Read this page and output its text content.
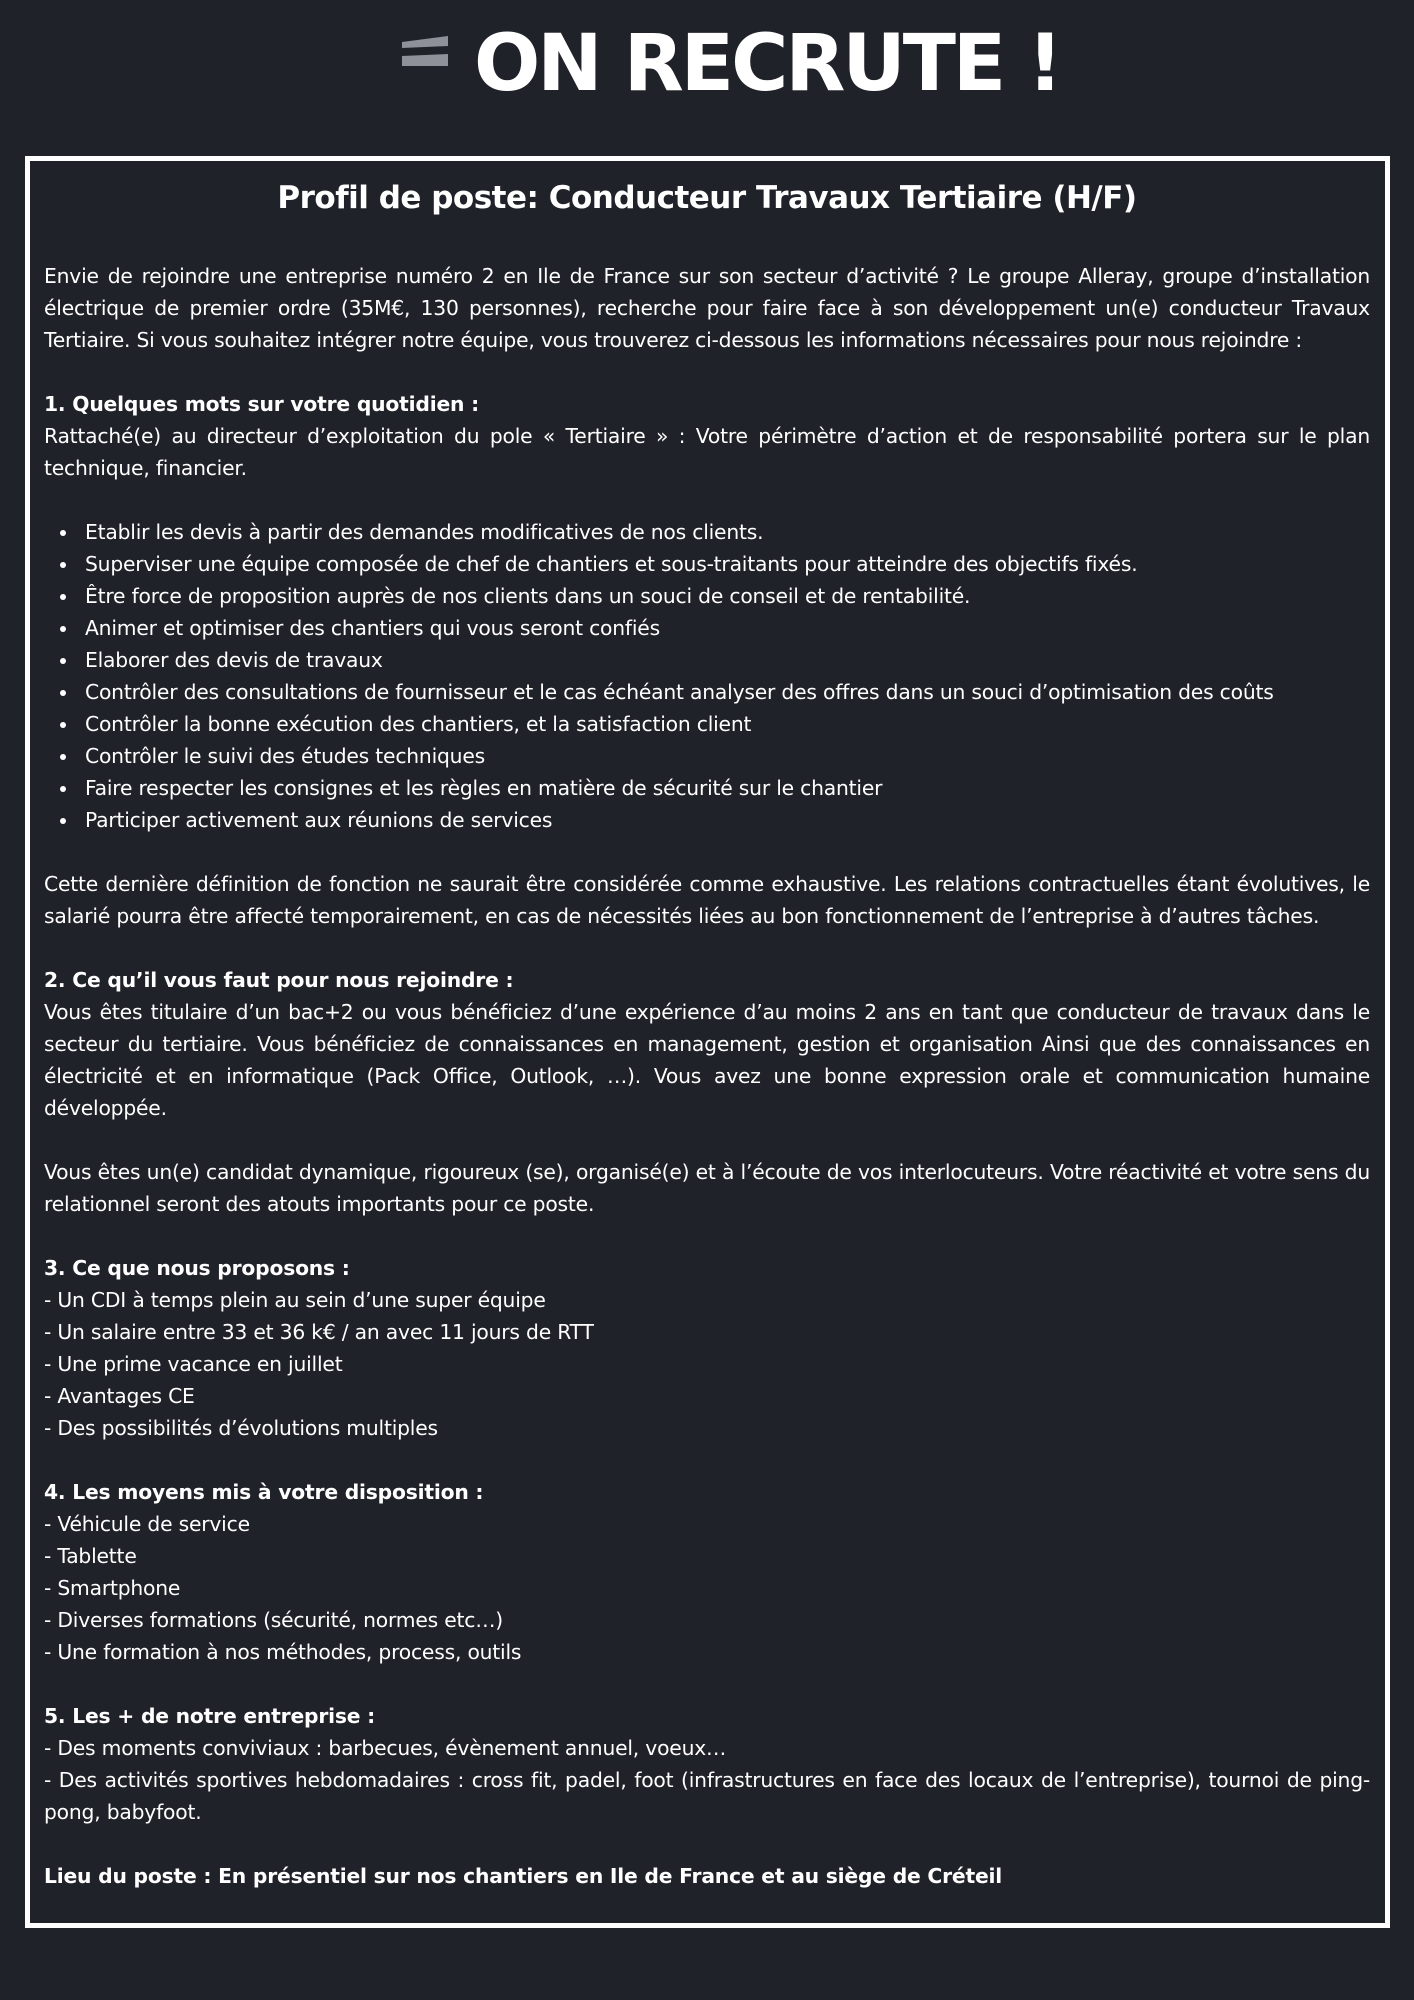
ON RECRUTE !
Profil de poste: Conducteur Travaux Tertiaire (H/F)

Envie de rejoindre une entreprise numéro 2 en Ile de France sur son secteur d’activité ? Le groupe Alleray, groupe d’installation électrique de premier ordre (35M€, 130 personnes), recherche pour faire face à son développement un(e) conducteur Travaux Tertiaire. Si vous souhaitez intégrer notre équipe, vous trouverez ci-dessous les informations nécessaires pour nous rejoindre :

1. Quelques mots sur votre quotidien :

Rattaché(e) au directeur d’exploitation du pole « Tertiaire » : Votre périmètre d’action et de responsabilité portera sur le plan technique, financier.

Etablir les devis à partir des demandes modificatives de nos clients.
Superviser une équipe composée de chef de chantiers et sous-traitants pour atteindre des objectifs fixés.
Être force de proposition auprès de nos clients dans un souci de conseil et de rentabilité.
Animer et optimiser des chantiers qui vous seront confiés
Elaborer des devis de travaux
Contrôler des consultations de fournisseur et le cas échéant analyser des offres dans un souci d’optimisation des coûts
Contrôler la bonne exécution des chantiers, et la satisfaction client
Contrôler le suivi des études techniques
Faire respecter les consignes et les règles en matière de sécurité sur le chantier
Participer activement aux réunions de services

Cette dernière définition de fonction ne saurait être considérée comme exhaustive. Les relations contractuelles étant évolutives, le salarié pourra être affecté temporairement, en cas de nécessités liées au bon fonctionnement de l’entreprise à d’autres tâches.

2. Ce qu’il vous faut pour nous rejoindre :

Vous êtes titulaire d’un bac+2 ou vous bénéficiez d’une expérience d’au moins 2 ans en tant que conducteur de travaux dans le secteur du tertiaire. Vous bénéficiez de connaissances en management, gestion et organisation Ainsi que des connaissances en électricité et en informatique (Pack Office, Outlook, …). Vous avez une bonne expression orale et communication humaine développée.

Vous êtes un(e) candidat dynamique, rigoureux (se), organisé(e) et à l’écoute de vos interlocuteurs. Votre réactivité et votre sens du relationnel seront des atouts importants pour ce poste.

3. Ce que nous proposons :
- Un CDI à temps plein au sein d’une super équipe
- Un salaire entre 33 et 36 k€ / an avec 11 jours de RTT
- Une prime vacance en juillet
- Avantages CE
- Des possibilités d’évolutions multiples
4. Les moyens mis à votre disposition :
- Véhicule de service
- Tablette
- Smartphone
- Diverses formations (sécurité, normes etc…)
- Une formation à nos méthodes, process, outils
5. Les + de notre entreprise :
- Des moments conviviaux : barbecues, évènement annuel, voeux…

- Des activités sportives hebdomadaires : cross fit, padel, foot (infrastructures en face des locaux de l’entreprise), tournoi de ping-pong, babyfoot.

Lieu du poste : En présentiel sur nos chantiers en Ile de France et au siège de Créteil
